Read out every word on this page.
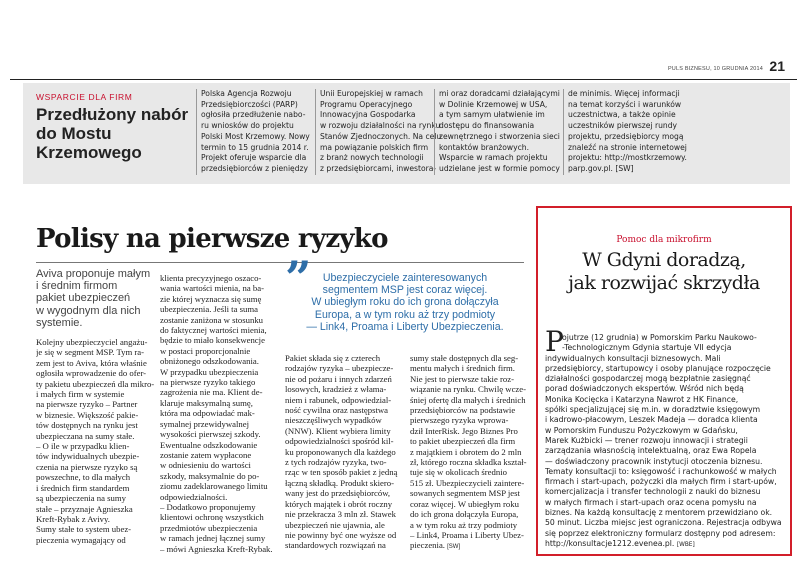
PULS BIZNESU, 10 GRUDNIA 2014 21
WSPARCIE DLA FIRM
Przedłużony nabór do Mostu Krzemowego
Polska Agencja Rozwoju
Przedsiębiorczości (PARP)
ogłosiła przedłużenie nabo-
ru wniosków do projektu
Polski Most Krzemowy. Nowy
termin to 15 grudnia 2014 r.
Projekt oferuje wsparcie dla
przedsiębiorców z pieniędzy
Unii Europejskiej w ramach
Programu Operacyjnego
Innowacyjna Gospodarka
w rozwoju działalności na rynku
Stanów Zjednoczonych. Na celu
ma powiązanie polskich firm
z branż nowych technologii
z przedsiębiorcami, inwestora-
mi oraz doradcami działającymi
w Dolinie Krzemowej w USA,
a tym samym ułatwienie im
dostępu do finansowania
zewnętrznego i stworzenia sieci
kontaktów branżowych.
Wsparcie w ramach projektu
udzielane jest w formie pomocy
de minimis. Więcej informacji
na temat korzyści i warunków
uczestnictwa, a także opinie
uczestników pierwszej rundy
projektu, przedsiębiorcy mogą
znaleźć na stronie internetowej
projektu: http://mostkrzemowy.
parp.gov.pl. [SW]
Polisy na pierwsze ryzyko
Aviva proponuje małym
i średnim firmom
pakiet ubezpieczeń
w wygodnym dla nich
systemie.
Kolejny ubezpieczyciel angażu-
je się w segment MSP. Tym ra-
zem jest to Aviva, która właśnie
ogłosiła wprowadzenie do ofer-
ty pakietu ubezpieczeń dla mikro-
i małych firm w systemie
na pierwsze ryzyko – Partner
w biznesie. Większość pakie-
tów dostępnych na rynku jest
ubezpieczana na sumy stałe.
– O ile w przypadku klien-
tów indywidualnych ubezpie-
czenia na pierwsze ryzyko są
powszechne, to dla małych
i średnich firm standardem
są ubezpieczenia na sumy
stałe – przyznaje Agnieszka
Kreft-Rybak z Avivy.
Sumy stałe to system ubez-
pieczenia wymagający od
klienta precyzyjnego oszaco-
wania wartości mienia, na ba-
zie której wyznacza się sumę
ubezpieczenia. Jeśli ta suma
zostanie zaniżona w stosunku
do faktycznej wartości mienia,
będzie to miało konsekwencje
w postaci proporcjonalnie
obniżonego odszkodowania.
W przypadku ubezpieczenia
na pierwsze ryzyko takiego
zagrożenia nie ma. Klient de-
klaruje maksymalną sumę,
która ma odpowiadać mak-
symalnej przewidywalnej
wysokości pierwszej szkody.
Ewentualne odszkodowanie
zostanie zatem wypłacone
w odniesieniu do wartości
szkody, maksymalnie do po-
ziomu zadeklarowanego limitu
odpowiedzialności.
– Dodatkowo proponujemy
klientowi ochronę wszystkich
przedmiotów ubezpieczenia
w ramach jednej łącznej sumy
– mówi Agnieszka Kreft-Rybak.
”	Ubezpieczyciele zainteresowanych
segmentem MSP jest coraz więcej.
W ubiegłym roku do ich grona dołączyła
Europa, a w tym roku aż trzy podmioty
— Link4, Proama i Liberty Ubezpieczenia.
Pakiet składa się z czterech
rodzajów ryzyka – ubezpiecze-
nie od pożaru i innych zdarzeń
losowych, kradzież z włama-
niem i rabunek, odpowiedzial-
ność cywilna oraz następstwa
nieszczęśliwych wypadków
(NNW). Klient wybiera limity
odpowiedzialności spośród kil-
ku proponowanych dla każdego
z tych rodzajów ryzyka, two-
rząc w ten sposób pakiet z jedną
łączną składką. Produkt skiero-
wany jest do przedsiębiorców,
których majątek i obrót roczny
nie przekracza 3 mln zł. Stawek
ubezpieczeń nie ujawnia, ale
nie powinny być one wyższe od
standardowych rozwiązań na
sumy stałe dostępnych dla seg-
mentu małych i średnich firm.
Nie jest to pierwsze takie roz-
wiązanie na rynku. Chwilę wcze-
śniej ofertę dla małych i średnich
przedsiębiorców na podstawie
pierwszego ryzyka wprowa-
dził InterRisk. Jego Biznes Pro
to pakiet ubezpieczeń dla firm
z majątkiem i obrotem do 2 mln
zł, którego roczna składka kształ-
tuje się w okolicach średnio
515 zł. Ubezpieczycieli zaintere-
sowanych segmentem MSP jest
coraz więcej. W ubiegłym roku
do ich grona dołączyła Europa,
a w tym roku aż trzy podmioty
– Link4, Proama i Liberty Ubez-
pieczenia. [SW]
Pomoc dla mikrofirm
W Gdyni doradzą,
jak rozwijać skrzydła
P
ojutrze (12 grudnia) w Pomorskim Parku Naukowo-
-Technologicznym Gdynia startuje VII edycja
indywidualnych konsultacji biznesowych. Mali
przedsiębiorcy, startupowcy i osoby planujące rozpoczęcie
działalności gospodarczej mogą bezpłatnie zasięgnąć
porad doświadczonych ekspertów. Wśród nich będą
Monika Kocięcka i Katarzyna Nawrot z HK Finance,
spółki specjalizującej się m.in. w doradztwie księgowym
i kadrowo-płacowym, Leszek Madeja — doradca klienta
w Pomorskim Funduszu Pożyczkowym w Gdańsku,
Marek Kużbicki — trener rozwoju innowacji i strategii
zarządzania własnością intelektualną, oraz Ewa Ropela
— doświadczony pracownik instytucji otoczenia biznesu.
Tematy konsultacji to: księgowość i rachunkowość w małych
firmach i start-upach, pożyczki dla małych firm i start-upów,
komercjalizacja i transfer technologii z nauki do biznesu
w małych firmach i start-upach oraz ocena pomysłu na
biznes. Na każdą konsultację z mentorem przewidziano ok.
50 minut. Liczba miejsc jest ograniczona. Rejestracja odbywa
się poprzez elektroniczny formularz dostępny pod adresem:
http://konsultacje1212.evenea.pl. [WBE]
